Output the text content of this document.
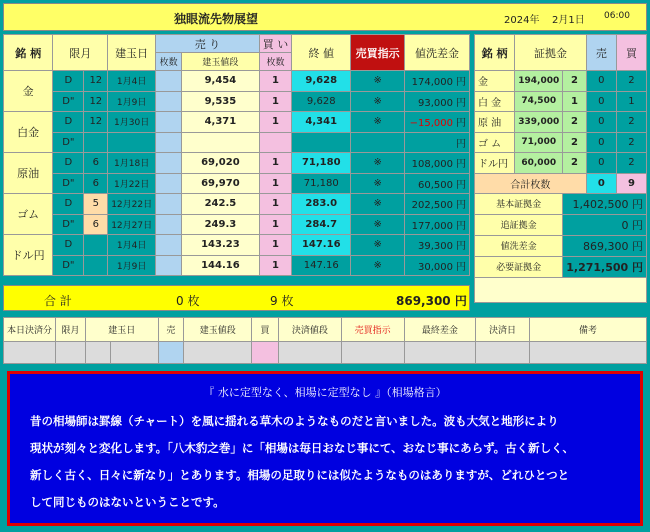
独眼流先物展望	2024年 2月1日 06:00
銘 柄	限月		建玉日	売 り		買 い	終 値	売買指示	値洗差金
				枚数	建玉値段	枚数			
金	D	12	1月4日		9,454	1	9,628	※	174,000 円
	D"	12	1月9日		9,535	1	9,628	※	93,000 円
白金	D	12	1月30日		4,371	1	4,341	※	−15,000 円
	D"								円
原油	D	6	1月18日		69,020	1	71,180	※	108,000 円
	D"	6	1月22日		69,970	1	71,180	※	60,500 円
ゴム	D	5	12月22日		242.5	1	283.0	※	202,500 円
	D"	6	12月27日		249.3	1	284.7	※	177,000 円
ドル円	D		1月4日		143.23	1	147.16	※	39,300 円
	D"		1月9日		144.16	1	147.16	※	30,000 円
合 計	0 枚	9 枚	869,300 円
銘 柄	証拠金		売	買
金	194,000	2	0	2
白 金	74,500	1	0	1
原 油	339,000	2	0	2
ゴ ム	71,000	2	0	2
ドル円	60,000	2	0	2
合計枚数			0	9
基本証拠金		1,402,500 円		
追証拠金		0 円		
値洗差金		869,300 円		
必要証拠金		1,271,500 円		

本日決済分	限月	建玉日		売	建玉値段	買	決済値段	売買指示	最終差金	決済日	備考

『 水に定型なく、相場に定型なし 』（相場格言）
昔の相場師は罫線（チャート）を風に揺れる草木のようなものだと言いました。波も大気と地形により
現状が刻々と変化します。「八木豹之巻」に「相場は毎日おなじ事にて、おなじ事にあらず。古く新しく、
新しく古く、日々に新なり」とあります。相場の足取りには似たようなものはありますが、どれひとつと
して同じものはないということです。
